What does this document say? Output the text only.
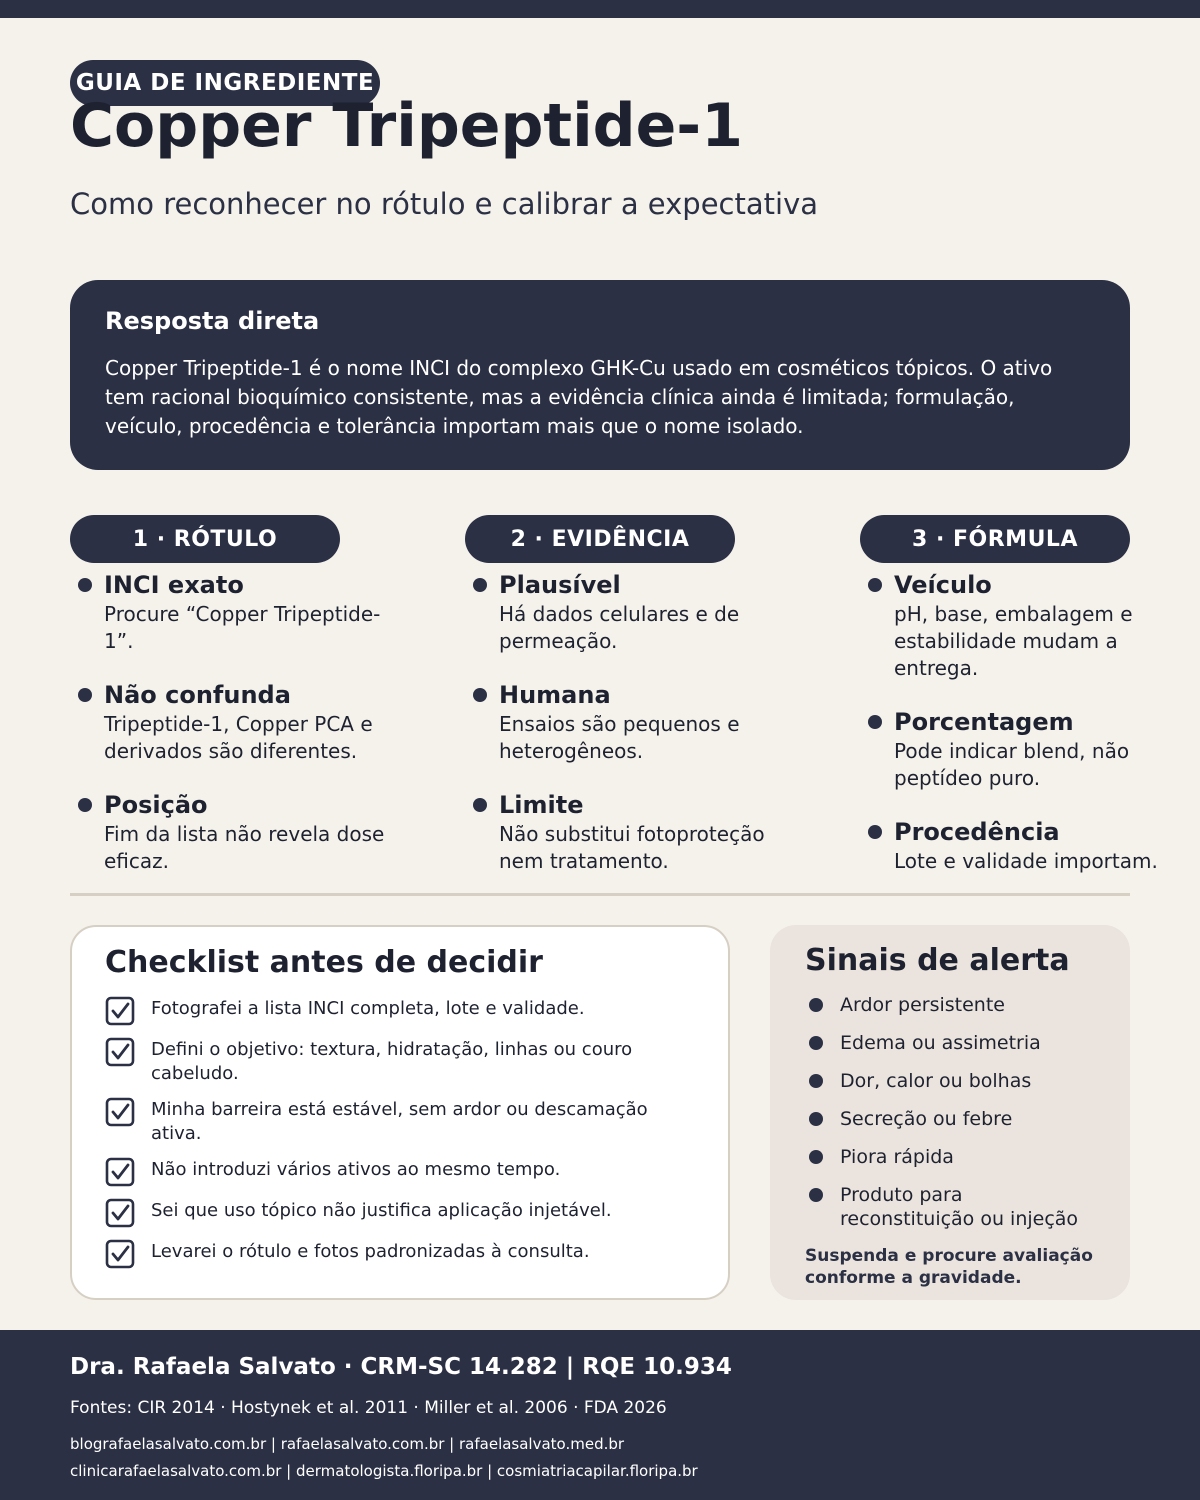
GUIA DE INGREDIENTE
Copper Tripeptide-1

Como reconhecer no rótulo e calibrar a expectativa

Resposta direta

Copper Tripeptide-1 é o nome INCI do complexo GHK-Cu usado em cosméticos tópicos. O ativo tem racional bioquímico consistente, mas a evidência clínica ainda é limitada; formulação, veículo, procedência e tolerância importam mais que o nome isolado.

1 · RÓTULO
INCI exato
Procure “Copper Tripeptide-1”.
Não confunda
Tripeptide-1, Copper PCA e derivados são diferentes.
Posição
Fim da lista não revela dose eficaz.
2 · EVIDÊNCIA
Plausível
Há dados celulares e de permeação.
Humana
Ensaios são pequenos e heterogêneos.
Limite
Não substitui fotoproteção nem tratamento.
3 · FÓRMULA
Veículo
pH, base, embalagem e estabilidade mudam a entrega.
Porcentagem
Pode indicar blend, não peptídeo puro.
Procedência
Lote e validade importam.
Checklist antes de decidir
Fotografei a lista INCI completa, lote e validade.
Defini o objetivo: textura, hidratação, linhas ou couro cabeludo.
Minha barreira está estável, sem ardor ou descamação ativa.
Não introduzi vários ativos ao mesmo tempo.
Sei que uso tópico não justifica aplicação injetável.
Levarei o rótulo e fotos padronizadas à consulta.
Sinais de alerta
Ardor persistente
Edema ou assimetria
Dor, calor ou bolhas
Secreção ou febre
Piora rápida
Produto para reconstituição ou injeção
Suspenda e procure avaliação conforme a gravidade.
Dra. Rafaela Salvato · CRM-SC 14.282 | RQE 10.934
Fontes: CIR 2014 · Hostynek et al. 2011 · Miller et al. 2006 · FDA 2026
blografaelasalvato.com.br | rafaelasalvato.com.br | rafaelasalvato.med.br
clinicarafaelasalvato.com.br | dermatologista.floripa.br | cosmiatriacapilar.floripa.br
